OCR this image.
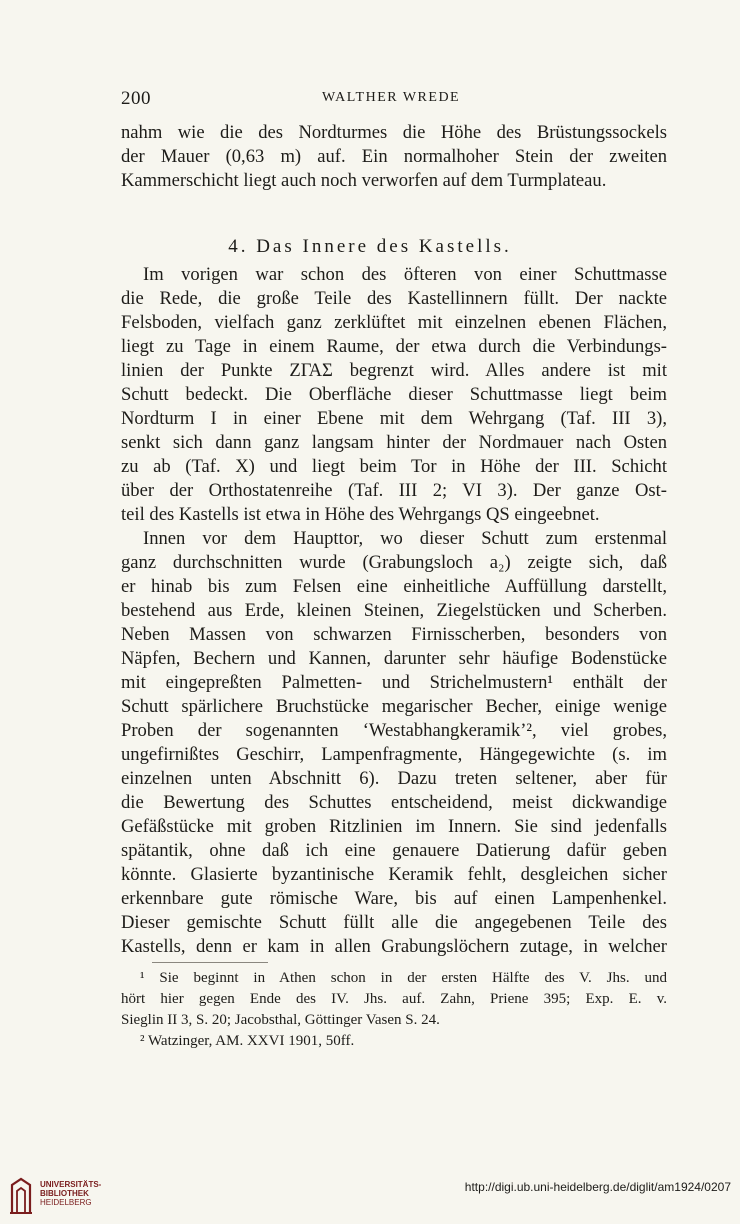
200	WALTHER WREDE
nahm wie die des Nordturmes die Höhe des Brüstungssockels
der Mauer (0,63 m) auf. Ein normalhoher Stein der zweiten
Kammerschicht liegt auch noch verworfen auf dem Turmplateau.
4. Das Innere des Kastells.
Im vorigen war schon des öfteren von einer Schuttmasse
die Rede, die große Teile des Kastellinnern füllt. Der nackte
Felsboden, vielfach ganz zerklüftet mit einzelnen ebenen Flächen,
liegt zu Tage in einem Raume, der etwa durch die Verbindungs-
linien der Punkte ΖΓΑΣ begrenzt wird. Alles andere ist mit
Schutt bedeckt. Die Oberfläche dieser Schuttmasse liegt beim
Nordturm I in einer Ebene mit dem Wehrgang (Taf. III 3),
senkt sich dann ganz langsam hinter der Nordmauer nach Osten
zu ab (Taf. X) und liegt beim Tor in Höhe der III. Schicht
über der Orthostatenreihe (Taf. III 2; VI 3). Der ganze Ost-
teil des Kastells ist etwa in Höhe des Wehrgangs QS eingeebnet.
Innen vor dem Haupttor, wo dieser Schutt zum erstenmal
ganz durchschnitten wurde (Grabungsloch a₂) zeigte sich, daß
er hinab bis zum Felsen eine einheitliche Auffüllung darstellt,
bestehend aus Erde, kleinen Steinen, Ziegelstücken und Scherben.
Neben Massen von schwarzen Firnisscherben, besonders von
Näpfen, Bechern und Kannen, darunter sehr häufige Bodenstücke
mit eingepreßten Palmetten- und Strichelmustern¹ enthält der
Schutt spärlichere Bruchstücke megarischer Becher, einige wenige
Proben der sogenannten ‘Westabhangkeramik’², viel grobes,
ungefirnißtes Geschirr, Lampenfragmente, Hängegewichte (s. im
einzelnen unten Abschnitt 6). Dazu treten seltener, aber für
die Bewertung des Schuttes entscheidend, meist dickwandige
Gefäßstücke mit groben Ritzlinien im Innern. Sie sind jedenfalls
spätantik, ohne daß ich eine genauere Datierung dafür geben
könnte. Glasierte byzantinische Keramik fehlt, desgleichen sicher
erkennbare gute römische Ware, bis auf einen Lampenhenkel.
Dieser gemischte Schutt füllt alle die angegebenen Teile des
Kastells, denn er kam in allen Grabungslöchern zutage, in welcher
¹ Sie beginnt in Athen schon in der ersten Hälfte des V. Jhs. und
hört hier gegen Ende des IV. Jhs. auf. Zahn, Priene 395; Exp. E. v.
Sieglin II 3, S. 20; Jacobsthal, Göttinger Vasen S. 24.
² Watzinger, AM. XXVI 1901, 50ff.
UNIVERSITÄTS-
BIBLIOTHEK
HEIDELBERG
http://digi.ub.uni-heidelberg.de/diglit/am1924/0207
